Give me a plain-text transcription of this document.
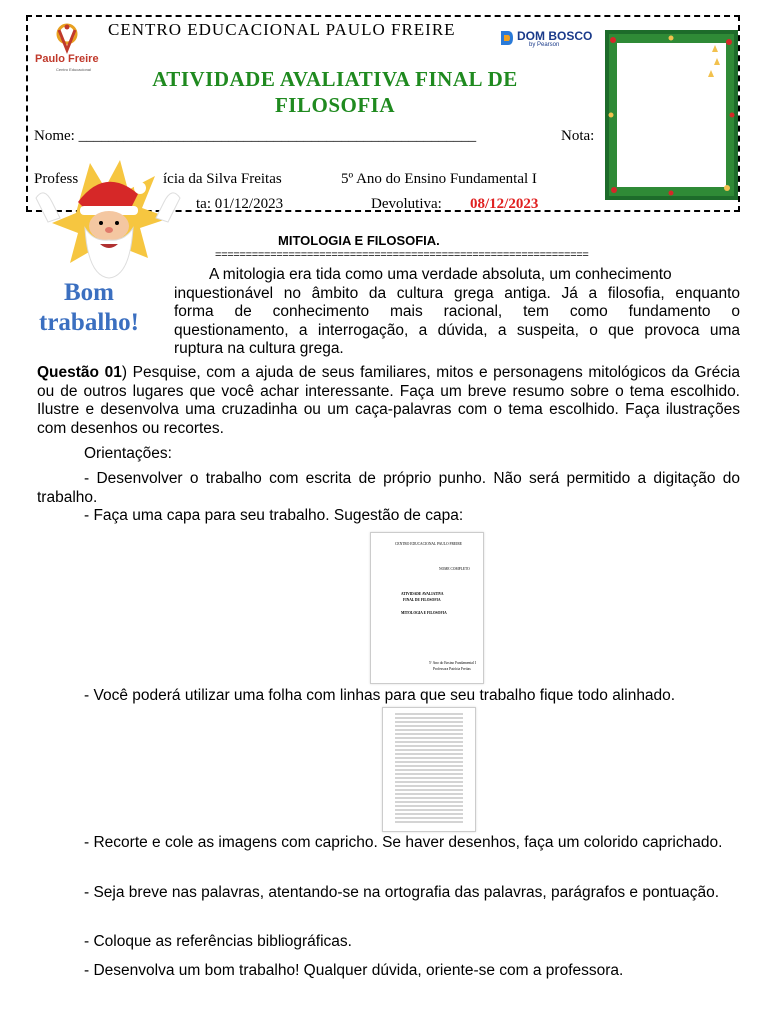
Paulo Freire
Centro Educacional
DOM BOSCO
by Pearson
CENTRO EDUCACIONAL PAULO FREIRE
ATIVIDADE AVALIATIVA FINAL DE
FILOSOFIA
Nome: _____________________________________________________	Nota:
Profess	ícia da Silva Freitas	5º Ano do Ensino Fundamental I
ta: 01/12/2023	Devolutiva: 08/12/2023
Bom
trabalho!
MITOLOGIA E FILOSOFIA.
=============================================================
A mitologia era tida como uma verdade absoluta, um conhecimento
inquestionável no âmbito da cultura grega antiga. Já a filosofia, enquanto
forma de conhecimento mais racional, tem como fundamento o
questionamento, a interrogação, a dúvida, a suspeita, o que provoca uma
ruptura na cultura grega.
Questão 01) Pesquise, com a ajuda de seus familiares, mitos e personagens mitológicos da Grécia ou de outros lugares que você achar interessante. Faça um breve resumo sobre o tema escolhido. Ilustre e desenvolva uma cruzadinha ou um caça-palavras com o tema escolhido. Faça ilustrações com desenhos ou recortes.
Orientações:
- Desenvolver o trabalho com escrita de próprio punho. Não será permitido a digitação do trabalho.
- Faça uma capa para seu trabalho. Sugestão de capa:
CENTRO EDUCACIONAL PAULO FREIRE
NOME COMPLETO
ATIVIDADE AVALIATIVA
FINAL DE FILOSOFIA
MITOLOGIA E FILOSOFIA
5º Ano do Ensino Fundamental I
Professora Patrícia Freitas
- Você poderá utilizar uma folha com linhas para que seu trabalho fique todo alinhado.
- Recorte e cole as imagens com capricho. Se haver desenhos, faça um colorido caprichado.
- Seja breve nas palavras, atentando-se na ortografia das palavras, parágrafos e pontuação.
- Coloque as referências bibliográficas.
- Desenvolva um bom trabalho! Qualquer dúvida, oriente-se com a professora.
